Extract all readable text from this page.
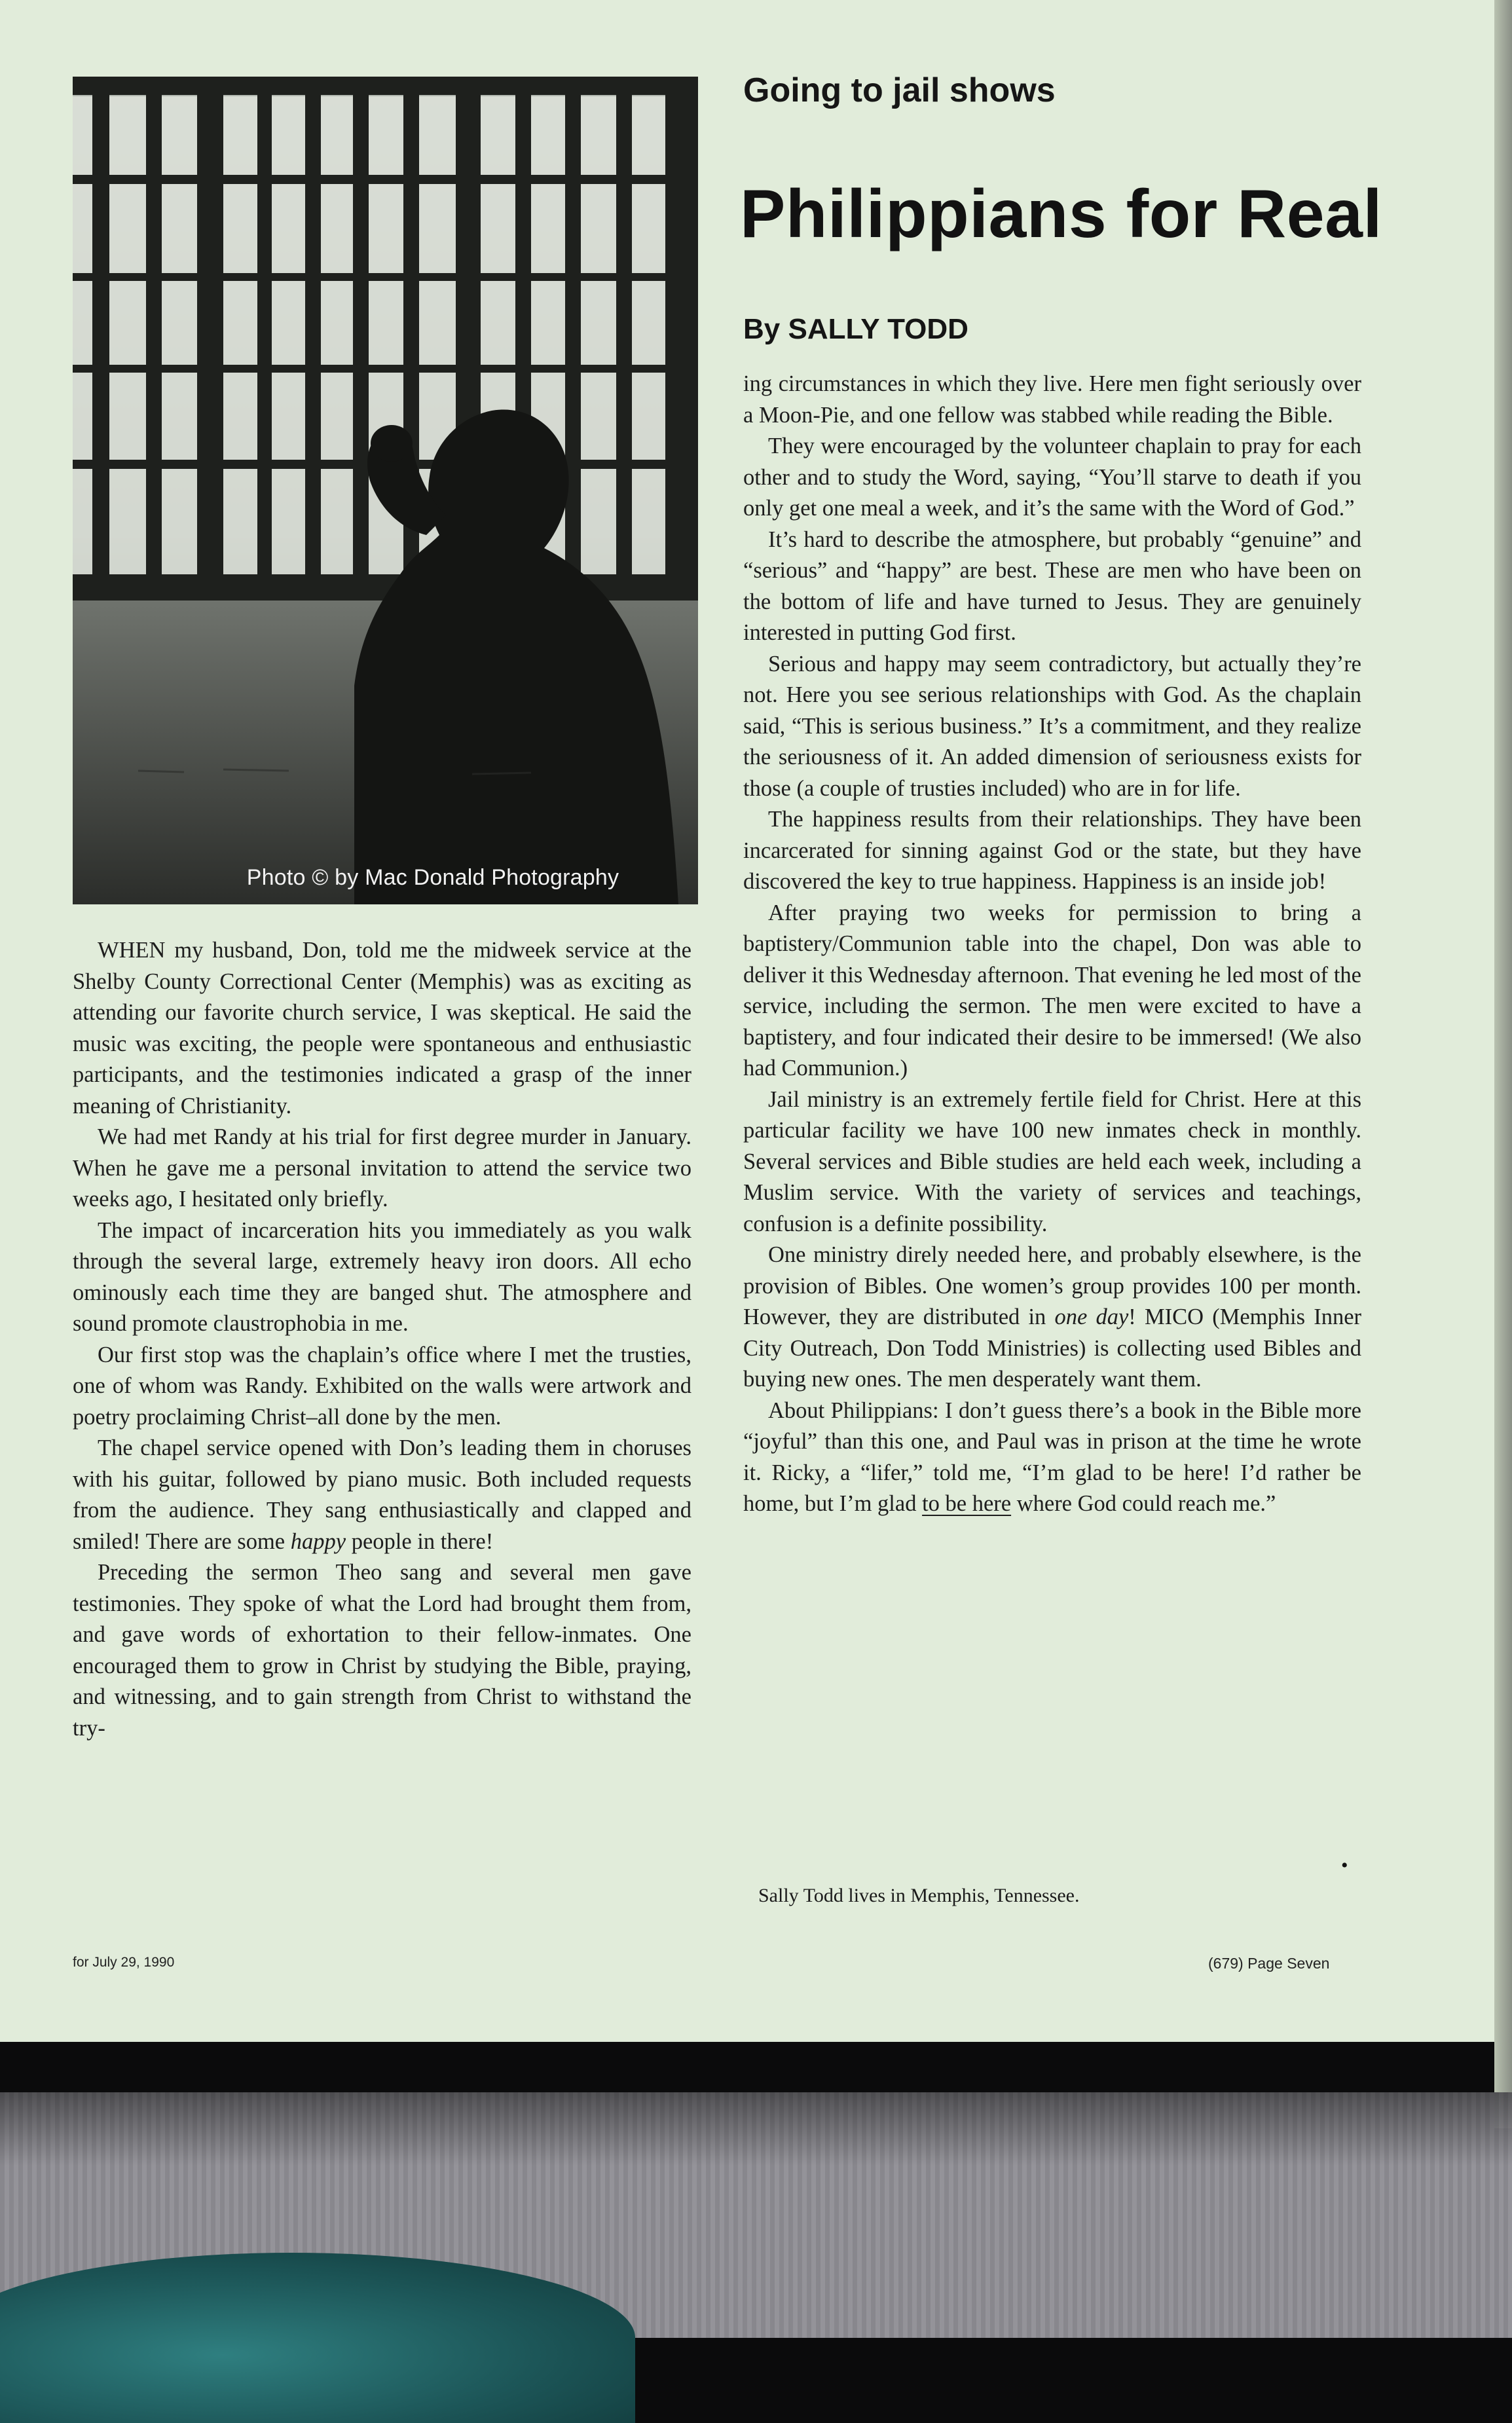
Photo © by Mac Donald Photography
Going to jail shows
Philippians for Real
By SALLY TODD

WHEN my husband, Don, told me the midweek service at the Shelby County Correctional Center (Memphis) was as exciting as attending our favorite church service, I was skeptical. He said the music was exciting, the people were spontaneous and enthusiastic participants, and the testimonies indicated a grasp of the inner meaning of Christianity.

We had met Randy at his trial for first degree murder in January. When he gave me a personal invitation to attend the service two weeks ago, I hesitated only briefly.

The impact of incarceration hits you immediately as you walk through the several large, extremely heavy iron doors. All echo ominously each time they are banged shut. The atmosphere and sound promote claustrophobia in me.

Our first stop was the chaplain’s office where I met the trusties, one of whom was Randy. Exhibited on the walls were artwork and poetry proclaiming Christ–all done by the men.

The chapel service opened with Don’s leading them in choruses with his guitar, followed by piano music. Both included requests from the audience. They sang enthusiastically and clapped and smiled! There are some happy people in there!

Preceding the sermon Theo sang and several men gave testimonies. They spoke of what the Lord had brought them from, and gave words of exhortation to their fellow-inmates. One encouraged them to grow in Christ by studying the Bible, praying, and witnessing, and to gain strength from Christ to withstand the try-

ing circumstances in which they live. Here men fight seriously over a Moon-Pie, and one fellow was stabbed while reading the Bible.

They were encouraged by the volunteer chaplain to pray for each other and to study the Word, saying, “You’ll starve to death if you only get one meal a week, and it’s the same with the Word of God.”

It’s hard to describe the atmosphere, but probably “genuine” and “serious” and “happy” are best. These are men who have been on the bottom of life and have turned to Jesus. They are genuinely interested in putting God first.

Serious and happy may seem contradictory, but actually they’re not. Here you see serious relationships with God. As the chaplain said, “This is serious business.” It’s a commitment, and they realize the seriousness of it. An added dimension of seriousness exists for those (a couple of trusties included) who are in for life.

The happiness results from their relationships. They have been incarcerated for sinning against God or the state, but they have discovered the key to true happiness. Happiness is an inside job!

After praying two weeks for permission to bring a baptistery/Communion table into the chapel, Don was able to deliver it this Wednesday afternoon. That evening he led most of the service, including the sermon. The men were excited to have a baptistery, and four indicated their desire to be immersed! (We also had Communion.)

Jail ministry is an extremely fertile field for Christ. Here at this particular facility we have 100 new inmates check in monthly. Several services and Bible studies are held each week, including a Muslim service. With the variety of services and teachings, confusion is a definite possibility.

One ministry direly needed here, and probably elsewhere, is the provision of Bibles. One women’s group provides 100 per month. However, they are distributed in one day! MICO (Memphis Inner City Outreach, Don Todd Ministries) is collecting used Bibles and buying new ones. The men desperately want them.

About Philippians: I don’t guess there’s a book in the Bible more “joyful” than this one, and Paul was in prison at the time he wrote it. Ricky, a “lifer,” told me, “I’m glad to be here! I’d rather be home, but I’m glad to be here where God could reach me.”

•
Sally Todd lives in Memphis, Tennessee.
for July 29, 1990	(679) Page Seven
